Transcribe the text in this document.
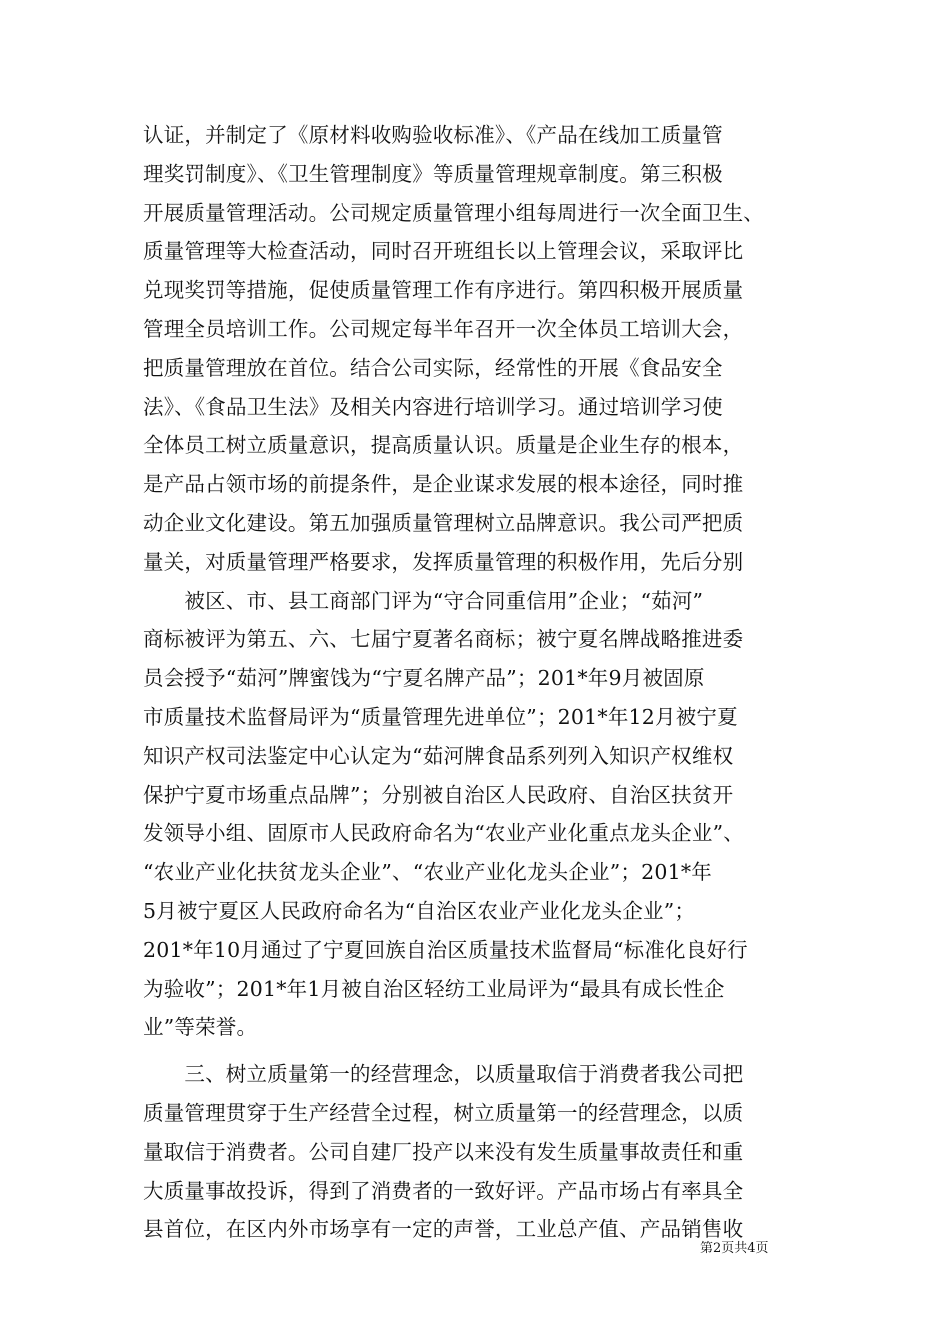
认证，并制定了《原材料收购验收标准》、《产品在线加工质量管
理奖罚制度》、《卫生管理制度》等质量管理规章制度。第三积极
开展质量管理活动。公司规定质量管理小组每周进行一次全面卫生、
质量管理等大检查活动，同时召开班组长以上管理会议，采取评比
兑现奖罚等措施，促使质量管理工作有序进行。第四积极开展质量
管理全员培训工作。公司规定每半年召开一次全体员工培训大会，
把质量管理放在首位。结合公司实际，经常性的开展《食品安全
法》、《食品卫生法》及相关内容进行培训学习。通过培训学习使
全体员工树立质量意识，提高质量认识。质量是企业生存的根本，
是产品占领市场的前提条件，是企业谋求发展的根本途径，同时推
动企业文化建设。第五加强质量管理树立品牌意识。我公司严把质
量关，对质量管理严格要求，发挥质量管理的积极作用，先后分别
　　被区、市、县工商部门评为“守合同重信用”企业；“茹河”
商标被评为第五、六、七届宁夏著名商标；被宁夏名牌战略推进委
员会授予“茹河”牌蜜饯为“宁夏名牌产品”；201*年9月被固原
市质量技术监督局评为“质量管理先进单位”；201*年12月被宁夏
知识产权司法鉴定中心认定为“茹河牌食品系列列入知识产权维权
保护宁夏市场重点品牌”；分别被自治区人民政府、自治区扶贫开
发领导小组、固原市人民政府命名为“农业产业化重点龙头企业”、
“农业产业化扶贫龙头企业”、“农业产业化龙头企业”；201*年
5月被宁夏区人民政府命名为“自治区农业产业化龙头企业”；
201*年10月通过了宁夏回族自治区质量技术监督局“标准化良好行
为验收”；201*年1月被自治区轻纺工业局评为“最具有成长性企
业”等荣誉。
　　三、树立质量第一的经营理念，以质量取信于消费者我公司把
质量管理贯穿于生产经营全过程，树立质量第一的经营理念，以质
量取信于消费者。公司自建厂投产以来没有发生质量事故责任和重
大质量事故投诉，得到了消费者的一致好评。产品市场占有率具全
县首位，在区内外市场享有一定的声誉，工业总产值、产品销售收
第2页共4页
